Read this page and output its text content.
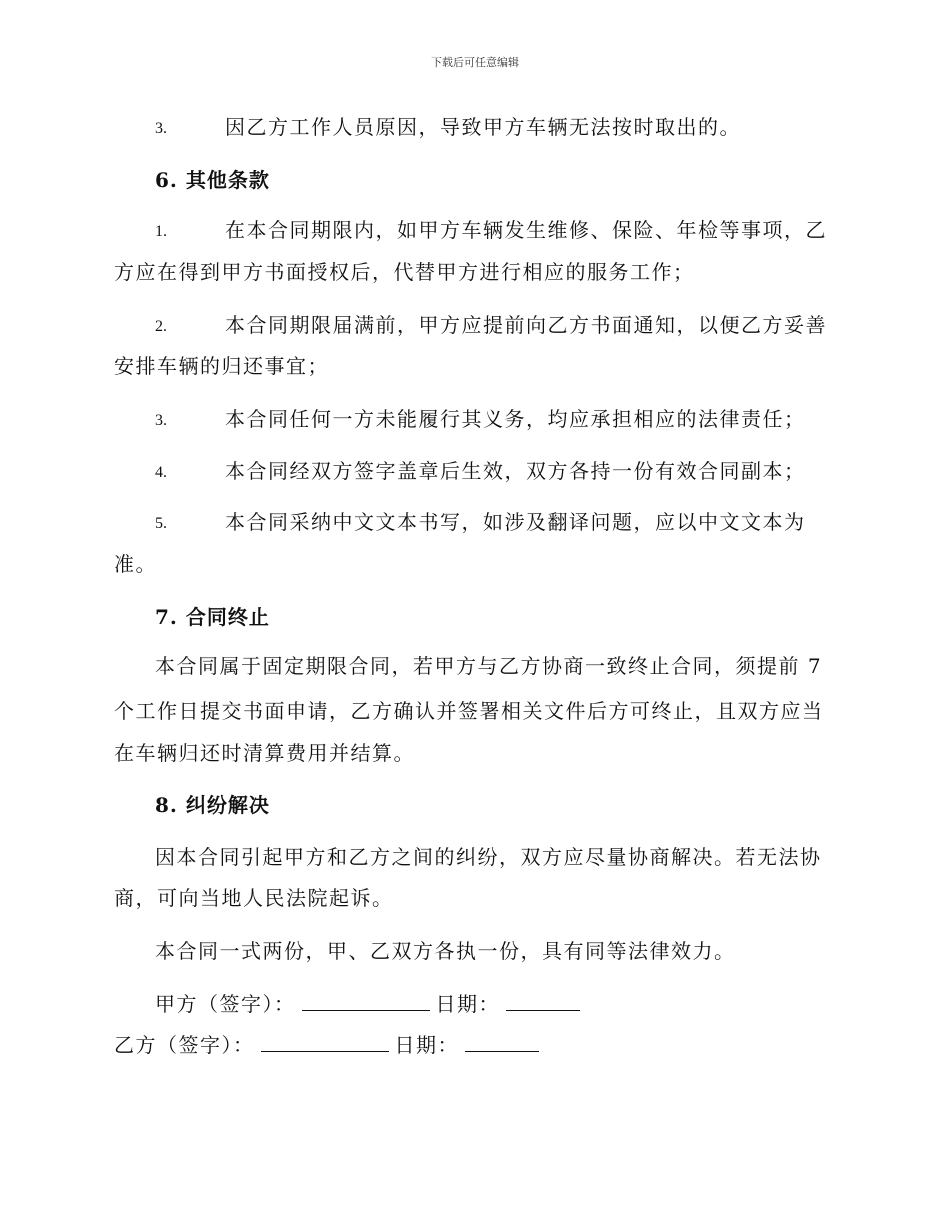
下载后可任意编辑
3.	因乙方工作人员原因，导致甲方车辆无法按时取出的。
6. 其他条款
1.	在本合同期限内，如甲方车辆发生维修、保险、年检等事项，乙
方应在得到甲方书面授权后，代替甲方进行相应的服务工作；
2.	本合同期限届满前，甲方应提前向乙方书面通知，以便乙方妥善
安排车辆的归还事宜；
3.	本合同任何一方未能履行其义务，均应承担相应的法律责任；
4.	本合同经双方签字盖章后生效，双方各持一份有效合同副本；
5.	本合同采纳中文文本书写，如涉及翻译问题，应以中文文本为
准。
7. 合同终止
本合同属于固定期限合同，若甲方与乙方协商一致终止合同，须提前 7
个工作日提交书面申请，乙方确认并签署相关文件后方可终止，且双方应当
在车辆归还时清算费用并结算。
8. 纠纷解决
因本合同引起甲方和乙方之间的纠纷，双方应尽量协商解决。若无法协
商，可向当地人民法院起诉。
本合同一式两份，甲、乙双方各执一份，具有同等法律效力。
甲方（签字）：	日期：
乙方（签字）：	日期：
